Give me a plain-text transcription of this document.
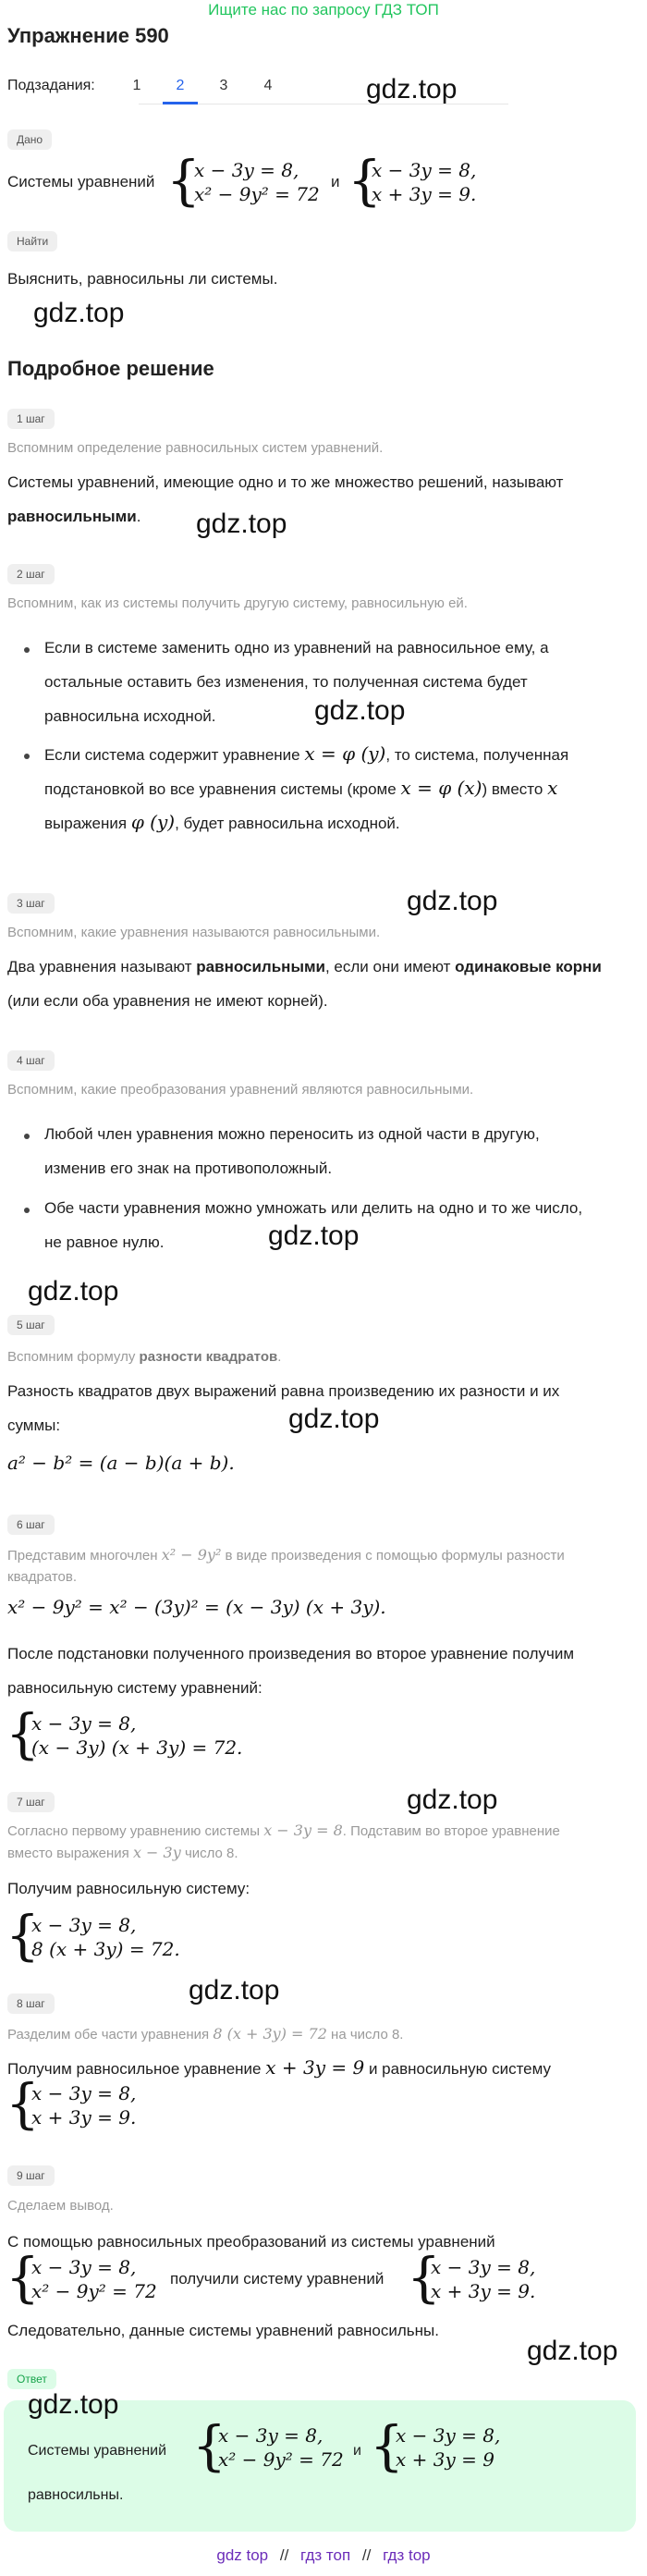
Ищите нас по запросу ГДЗ ТОП
Упражнение 590
Подзадания:	1	2	3	4	gdz.top
gdz.top
gdz.top
gdz.top
gdz.top
gdz.top
gdz.top
gdz.top
gdz.top
gdz.top
gdz.top
Дано
Системы уравнений {
x − 3y = 8,
x² − 9y² = 72
и {
x − 3y = 8,
x + 3y = 9.
Найти
Выяснить, равносильны ли системы.
Подробное решение
1 шаг
Вспомним определение равносильных систем уравнений.
Системы уравнений, имеющие одно и то же множество решений, называют
равносильными.
2 шаг
Вспомним, как из системы получить другую систему, равносильную ей.
Если в системе заменить одно из уравнений на равносильное ему, а
остальные оставить без изменения, то полученная система будет
равносильна исходной.
Если система содержит уравнение x = φ (y), то система, полученная
подстановкой во все уравнения системы (кроме x = φ (x)) вместо x
выражения φ (y), будет равносильна исходной.
3 шаг
Вспомним, какие уравнения называются равносильными.
Два уравнения называют равносильными, если они имеют одинаковые корни
(или если оба уравнения не имеют корней).
4 шаг
Вспомним, какие преобразования уравнений являются равносильными.
Любой член уравнения можно переносить из одной части в другую,
изменив его знак на противоположный.
Обе части уравнения можно умножать или делить на одно и то же число,
не равное нулю.
5 шаг
Вспомним формулу разности квадратов.
Разность квадратов двух выражений равна произведению их разности и их
суммы:
a² − b² = (a − b)(a + b).
6 шаг
Представим многочлен x² − 9y² в виде произведения с помощью формулы разности
квадратов.
x² − 9y² = x² − (3y)² = (x − 3y) (x + 3y).
После подстановки полученного произведения во второе уравнение получим
равносильную систему уравнений:
{
x − 3y = 8,
(x − 3y) (x + 3y) = 72.
7 шаг
Согласно первому уравнению системы x − 3y = 8. Подставим во второе уравнение
вместо выражения x − 3y число 8.
Получим равносильную систему:
{
x − 3y = 8,
8 (x + 3y) = 72.
8 шаг
Разделим обе части уравнения 8 (x + 3y) = 72 на число 8.
Получим равносильное уравнение x + 3y = 9 и равносильную систему
{
x − 3y = 8,
x + 3y = 9.
9 шаг
Сделаем вывод.
С помощью равносильных преобразований из системы уравнений
{
x − 3y = 8,
x² − 9y² = 72
получили систему уравнений {
x − 3y = 8,
x + 3y = 9.
Следовательно, данные системы уравнений равносильны.
Ответ
gdz.top
Системы уравнений {
x − 3y = 8,
x² − 9y² = 72 и {
x − 3y = 8,
x + 3y = 9
равносильны.
gdz top // гдз топ // гдз top
